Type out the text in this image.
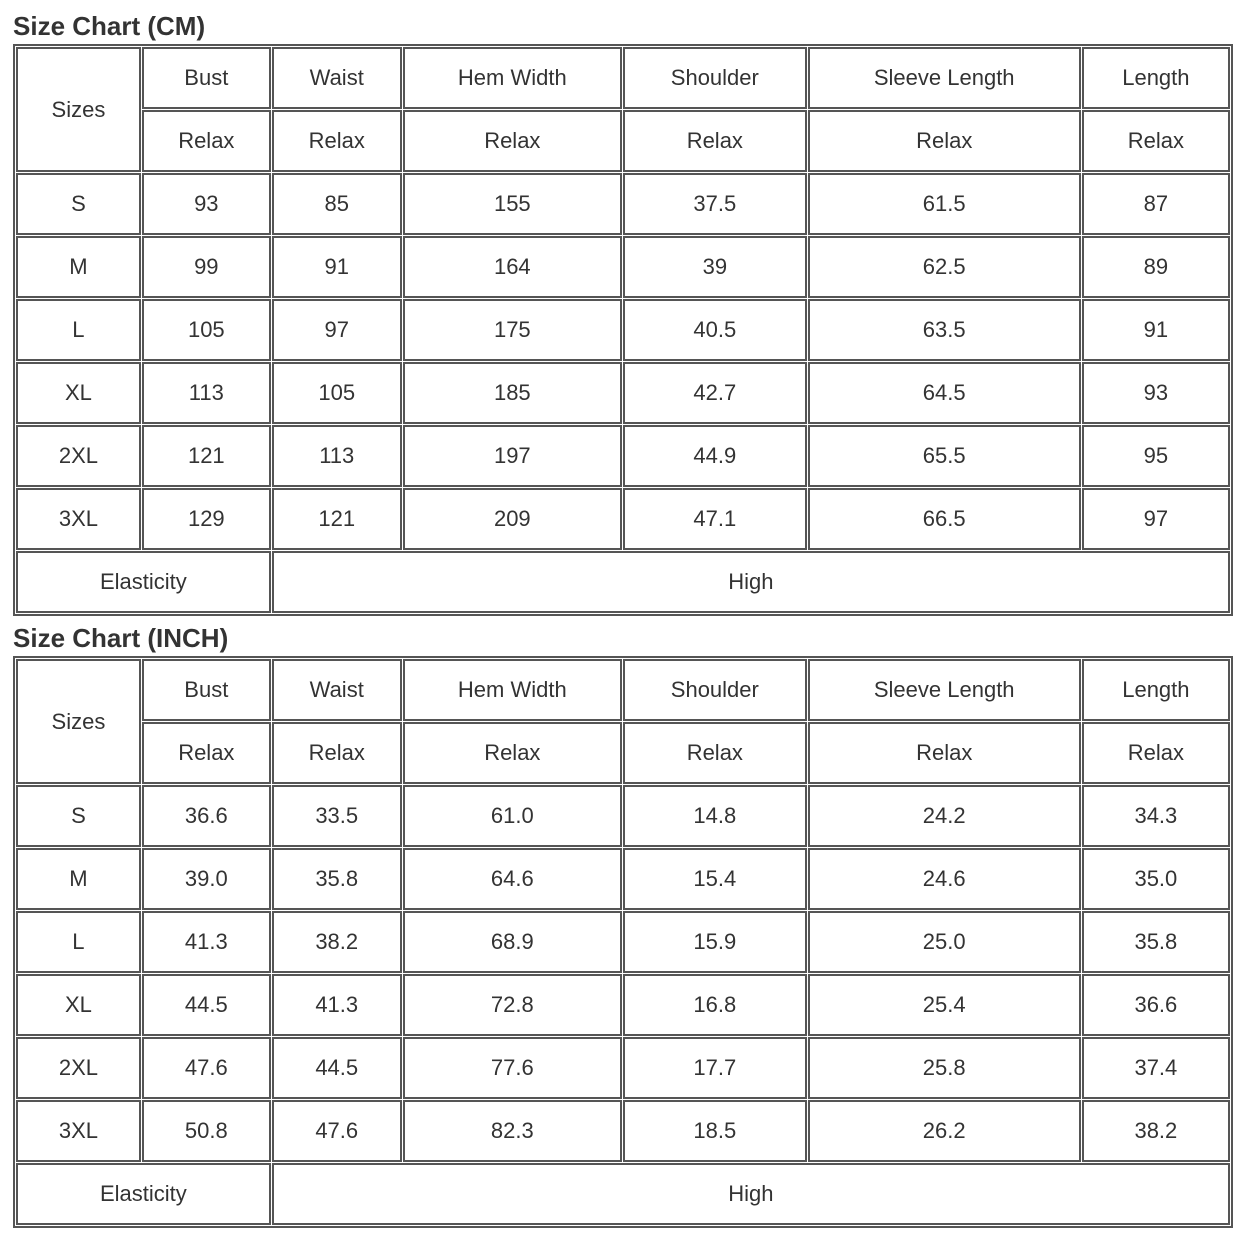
Size Chart (CM)
Sizes	Bust	Waist	Hem Width	Shoulder	Sleeve Length	Length
	Relax	Relax	Relax	Relax	Relax	Relax
S	93	85	155	37.5	61.5	87
M	99	91	164	39	62.5	89
L	105	97	175	40.5	63.5	91
XL	113	105	185	42.7	64.5	93
2XL	121	113	197	44.9	65.5	95
3XL	129	121	209	47.1	66.5	97
Elasticity		High				
Size Chart (INCH)
Sizes	Bust	Waist	Hem Width	Shoulder	Sleeve Length	Length
	Relax	Relax	Relax	Relax	Relax	Relax
S	36.6	33.5	61.0	14.8	24.2	34.3
M	39.0	35.8	64.6	15.4	24.6	35.0
L	41.3	38.2	68.9	15.9	25.0	35.8
XL	44.5	41.3	72.8	16.8	25.4	36.6
2XL	47.6	44.5	77.6	17.7	25.8	37.4
3XL	50.8	47.6	82.3	18.5	26.2	38.2
Elasticity		High				
